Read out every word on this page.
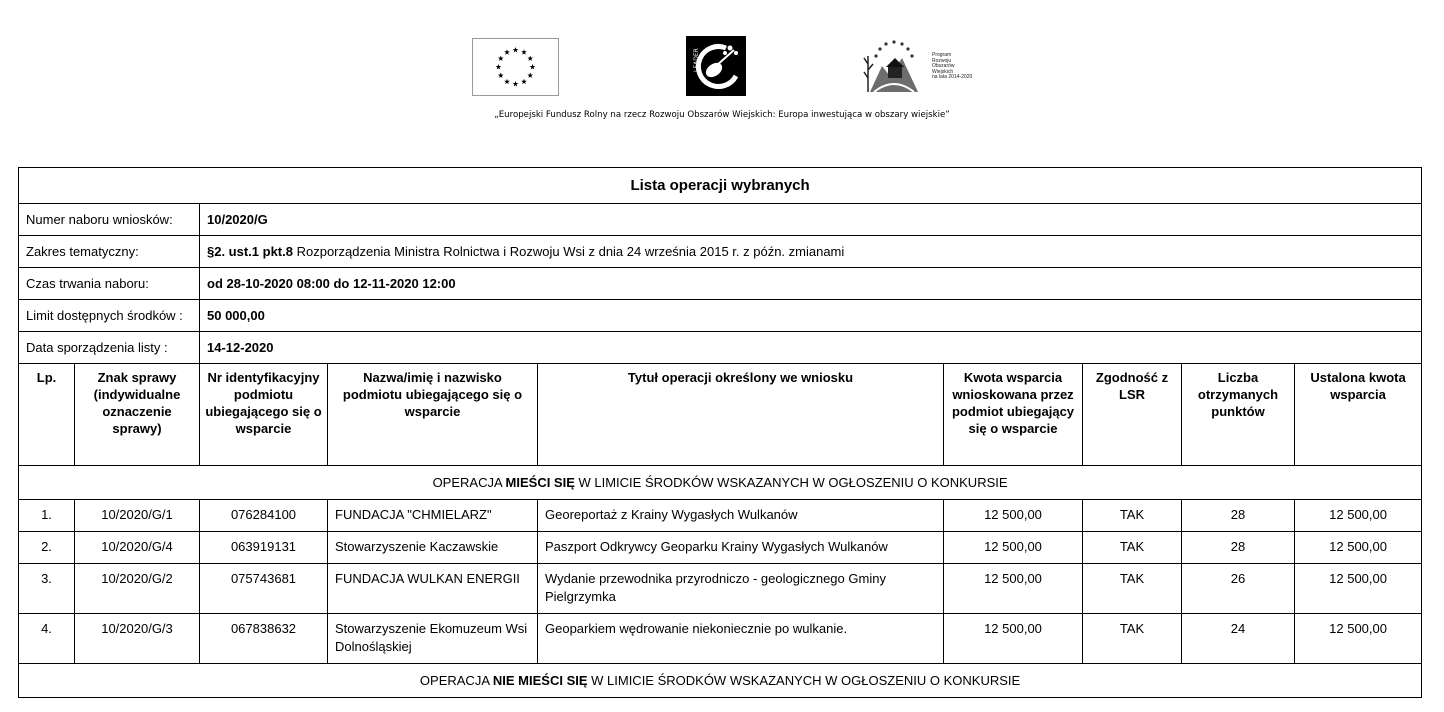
LEADER	Program
Rozwoju
Obszarów
Wiejskich
na lata 2014-2020
„Europejski Fundusz Rolny na rzecz Rozwoju Obszarów Wiejskich: Europa inwestująca w obszary wiejskie”
Lista operacji wybranych								
Numer naboru wniosków:		10/2020/G						
Zakres tematyczny:		§2. ust.1 pkt.8 Rozporządzenia Ministra Rolnictwa i Rozwoju Wsi z dnia 24 września 2015 r. z późn. zmianami						
Czas trwania naboru:		od 28-10-2020 08:00 do 12-11-2020 12:00						
Limit dostępnych środków :		50 000,00						
Data sporządzenia listy :		14-12-2020						
Lp.	Znak sprawy (indywidualne oznaczenie sprawy)	Nr identyfikacyjny podmiotu ubiegającego się o wsparcie	Nazwa/imię i nazwisko podmiotu ubiegającego się o wsparcie	Tytuł operacji określony we wniosku	Kwota wsparcia wnioskowana przez podmiot ubiegający się o wsparcie	Zgodność z LSR	Liczba otrzymanych punktów	Ustalona kwota wsparcia
OPERACJA MIEŚCI SIĘ W LIMICIE ŚRODKÓW WSKAZANYCH W OGŁOSZENIU O KONKURSIE								
1.	10/2020/G/1	076284100	FUNDACJA "CHMIELARZ"	Georeportaż z Krainy Wygasłych Wulkanów	12 500,00	TAK	28	12 500,00
2.	10/2020/G/4	063919131	Stowarzyszenie Kaczawskie	Paszport Odkrywcy Geoparku Krainy Wygasłych Wulkanów	12 500,00	TAK	28	12 500,00
3.	10/2020/G/2	075743681	FUNDACJA WULKAN ENERGII	Wydanie przewodnika przyrodniczo - geologicznego Gminy Pielgrzymka	12 500,00	TAK	26	12 500,00
4.	10/2020/G/3	067838632	Stowarzyszenie Ekomuzeum Wsi Dolnośląskiej	Geoparkiem wędrowanie niekoniecznie po wulkanie.	12 500,00	TAK	24	12 500,00
OPERACJA NIE MIEŚCI SIĘ W LIMICIE ŚRODKÓW WSKAZANYCH W OGŁOSZENIU O KONKURSIE								
